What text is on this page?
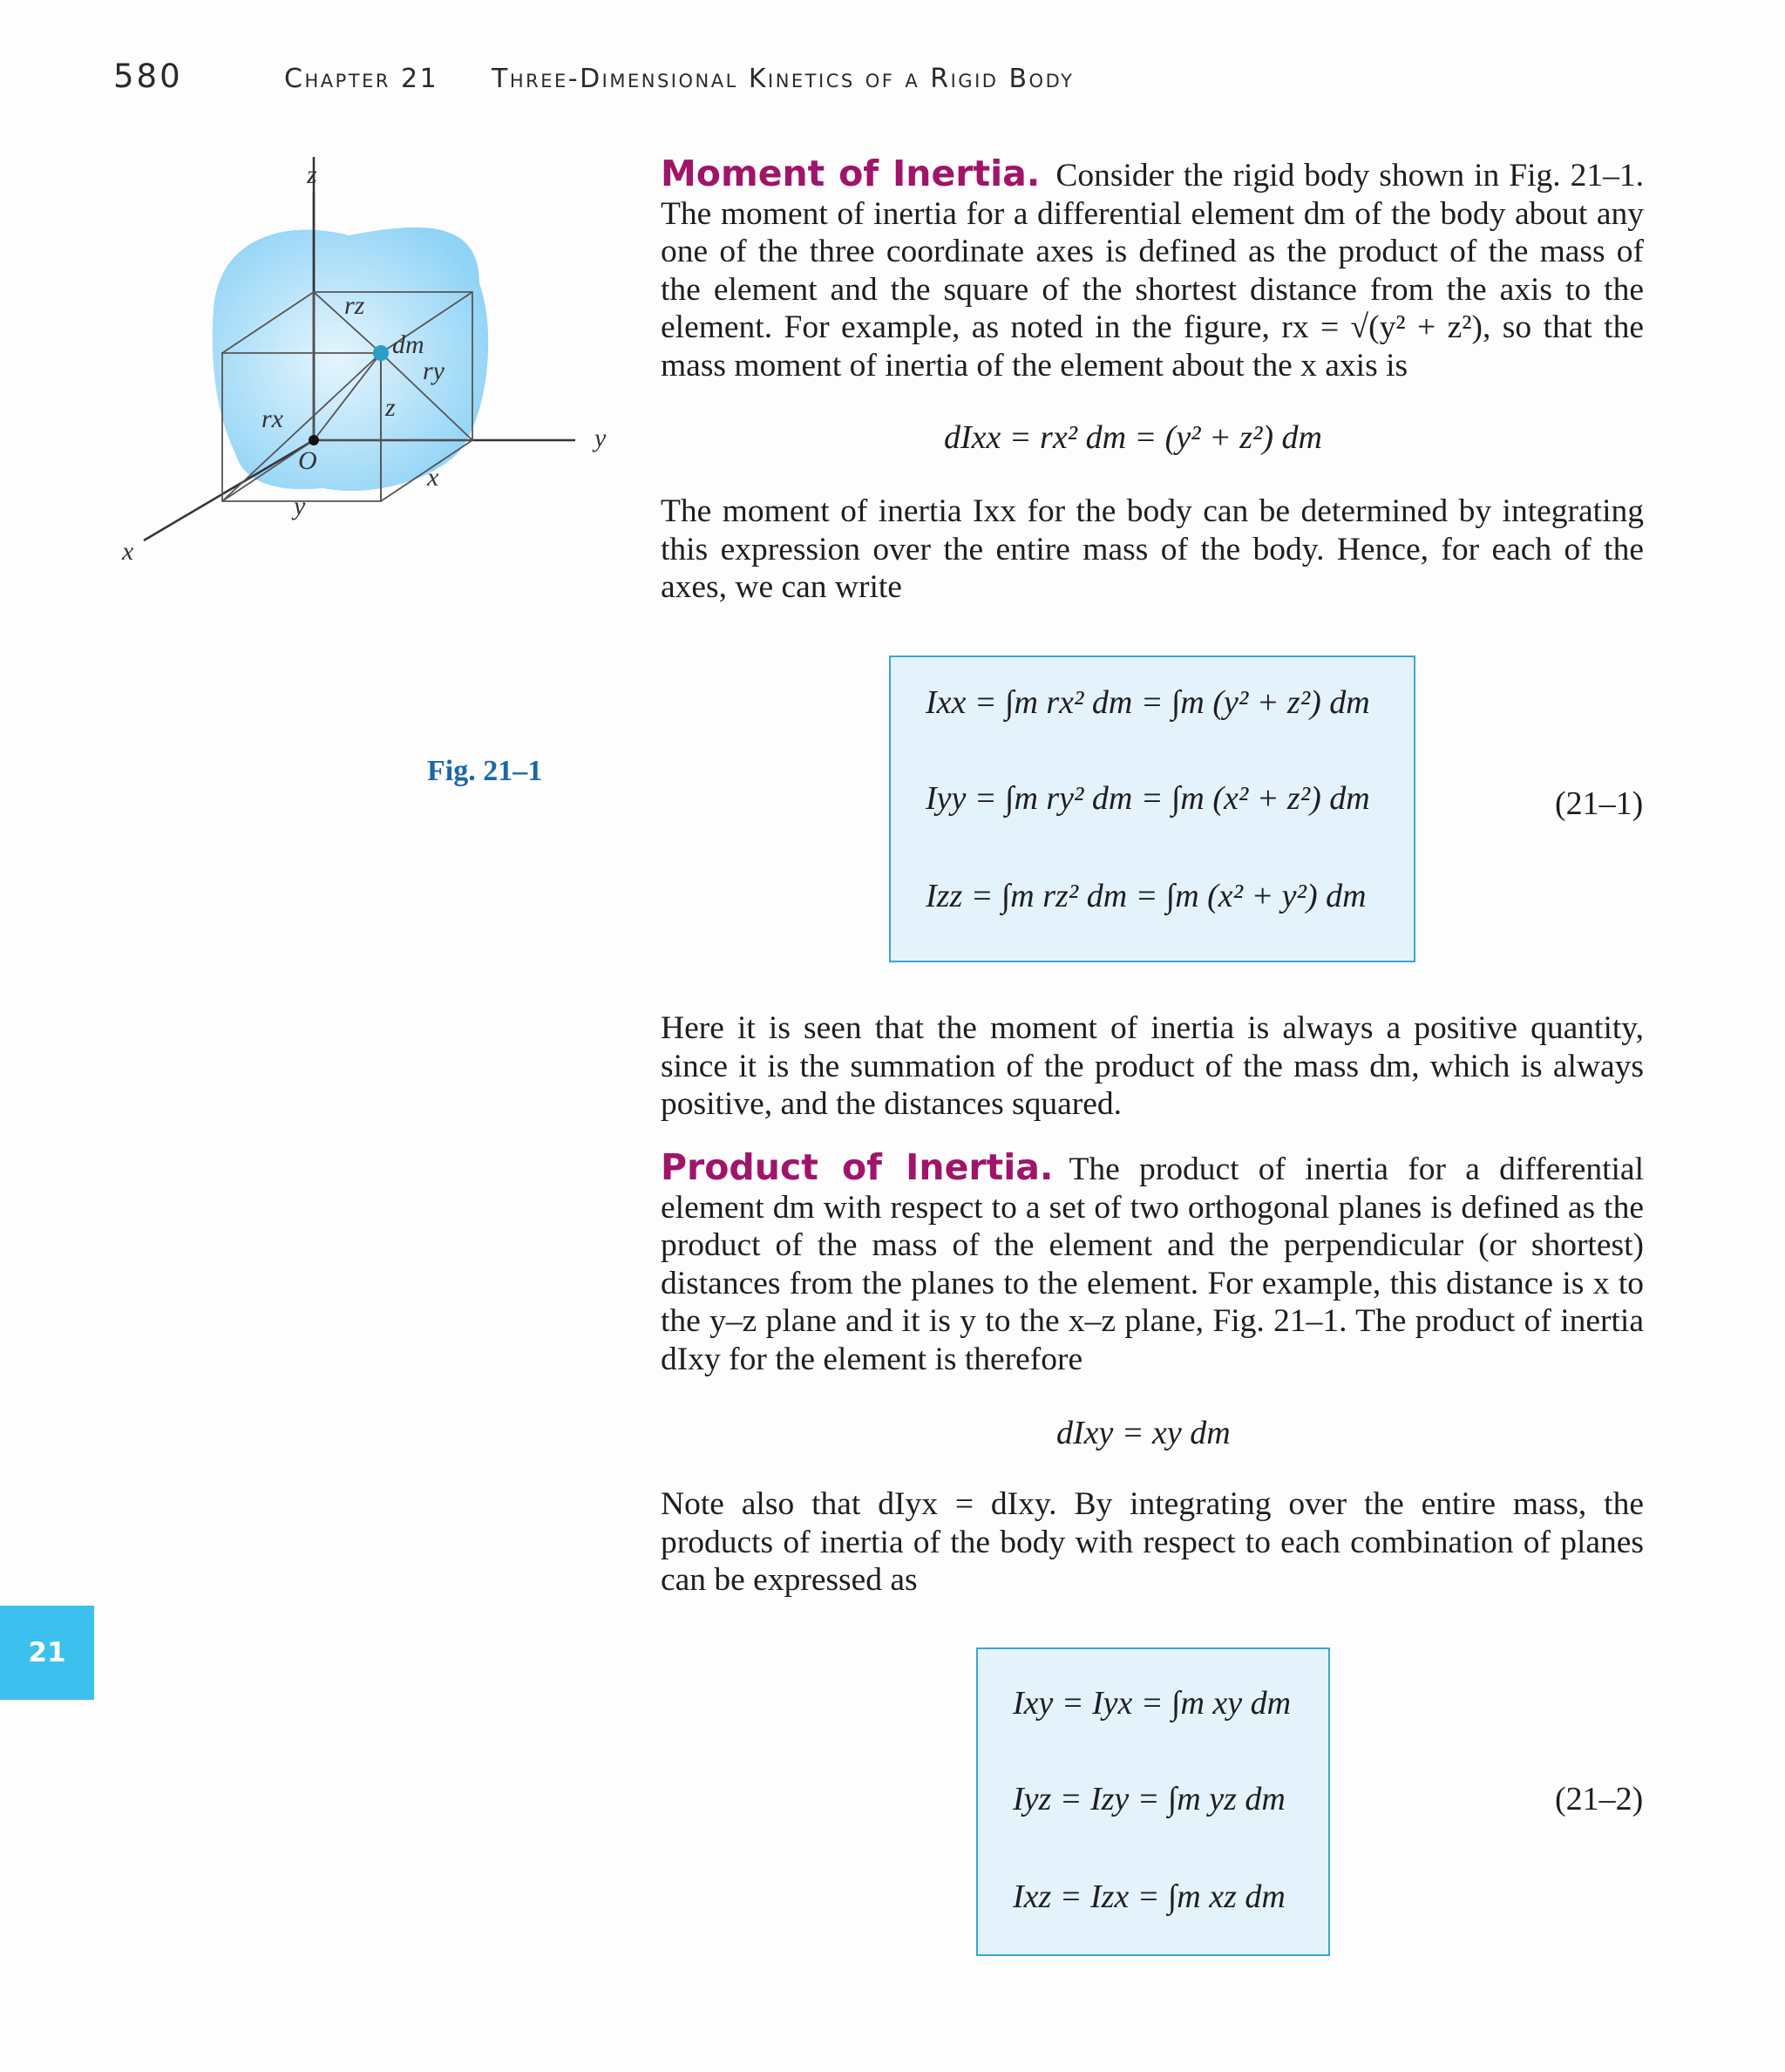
580	Chapter 21 Three-Dimensional Kinetics of a Rigid Body
z
y
x
O
rz
rx
ry
dm
z
x
y
Fig. 21–1

Moment of Inertia. Consider the rigid body shown in Fig. 21–1. The moment of inertia for a differential element dm of the body about any one of the three coordinate axes is defined as the product of the mass of the element and the square of the shortest distance from the axis to the element. For example, as noted in the figure, rx = √(y² + z²), so that the mass moment of inertia of the element about the x axis is

dIxx = rx² dm = (y² + z²) dm

The moment of inertia Ixx for the body can be determined by integrating this expression over the entire mass of the body. Hence, for each of the axes, we can write

Ixx = ∫m rx² dm = ∫m (y² + z²) dm
Iyy = ∫m ry² dm = ∫m (x² + z²) dm
Izz = ∫m rz² dm = ∫m (x² + y²) dm
(21–1)

Here it is seen that the moment of inertia is always a positive quantity, since it is the summation of the product of the mass dm, which is always positive, and the distances squared.

Product of Inertia. The product of inertia for a differential element dm with respect to a set of two orthogonal planes is defined as the product of the mass of the element and the perpendicular (or shortest) distances from the planes to the element. For example, this distance is x to the y–z plane and it is y to the x–z plane, Fig. 21–1. The product of inertia dIxy for the element is therefore

dIxy = xy dm

Note also that dIyx = dIxy. By integrating over the entire mass, the products of inertia of the body with respect to each combination of planes can be expressed as

Ixy = Iyx = ∫m xy dm
Iyz = Izy = ∫m yz dm
Ixz = Izx = ∫m xz dm
(21–2)
21
